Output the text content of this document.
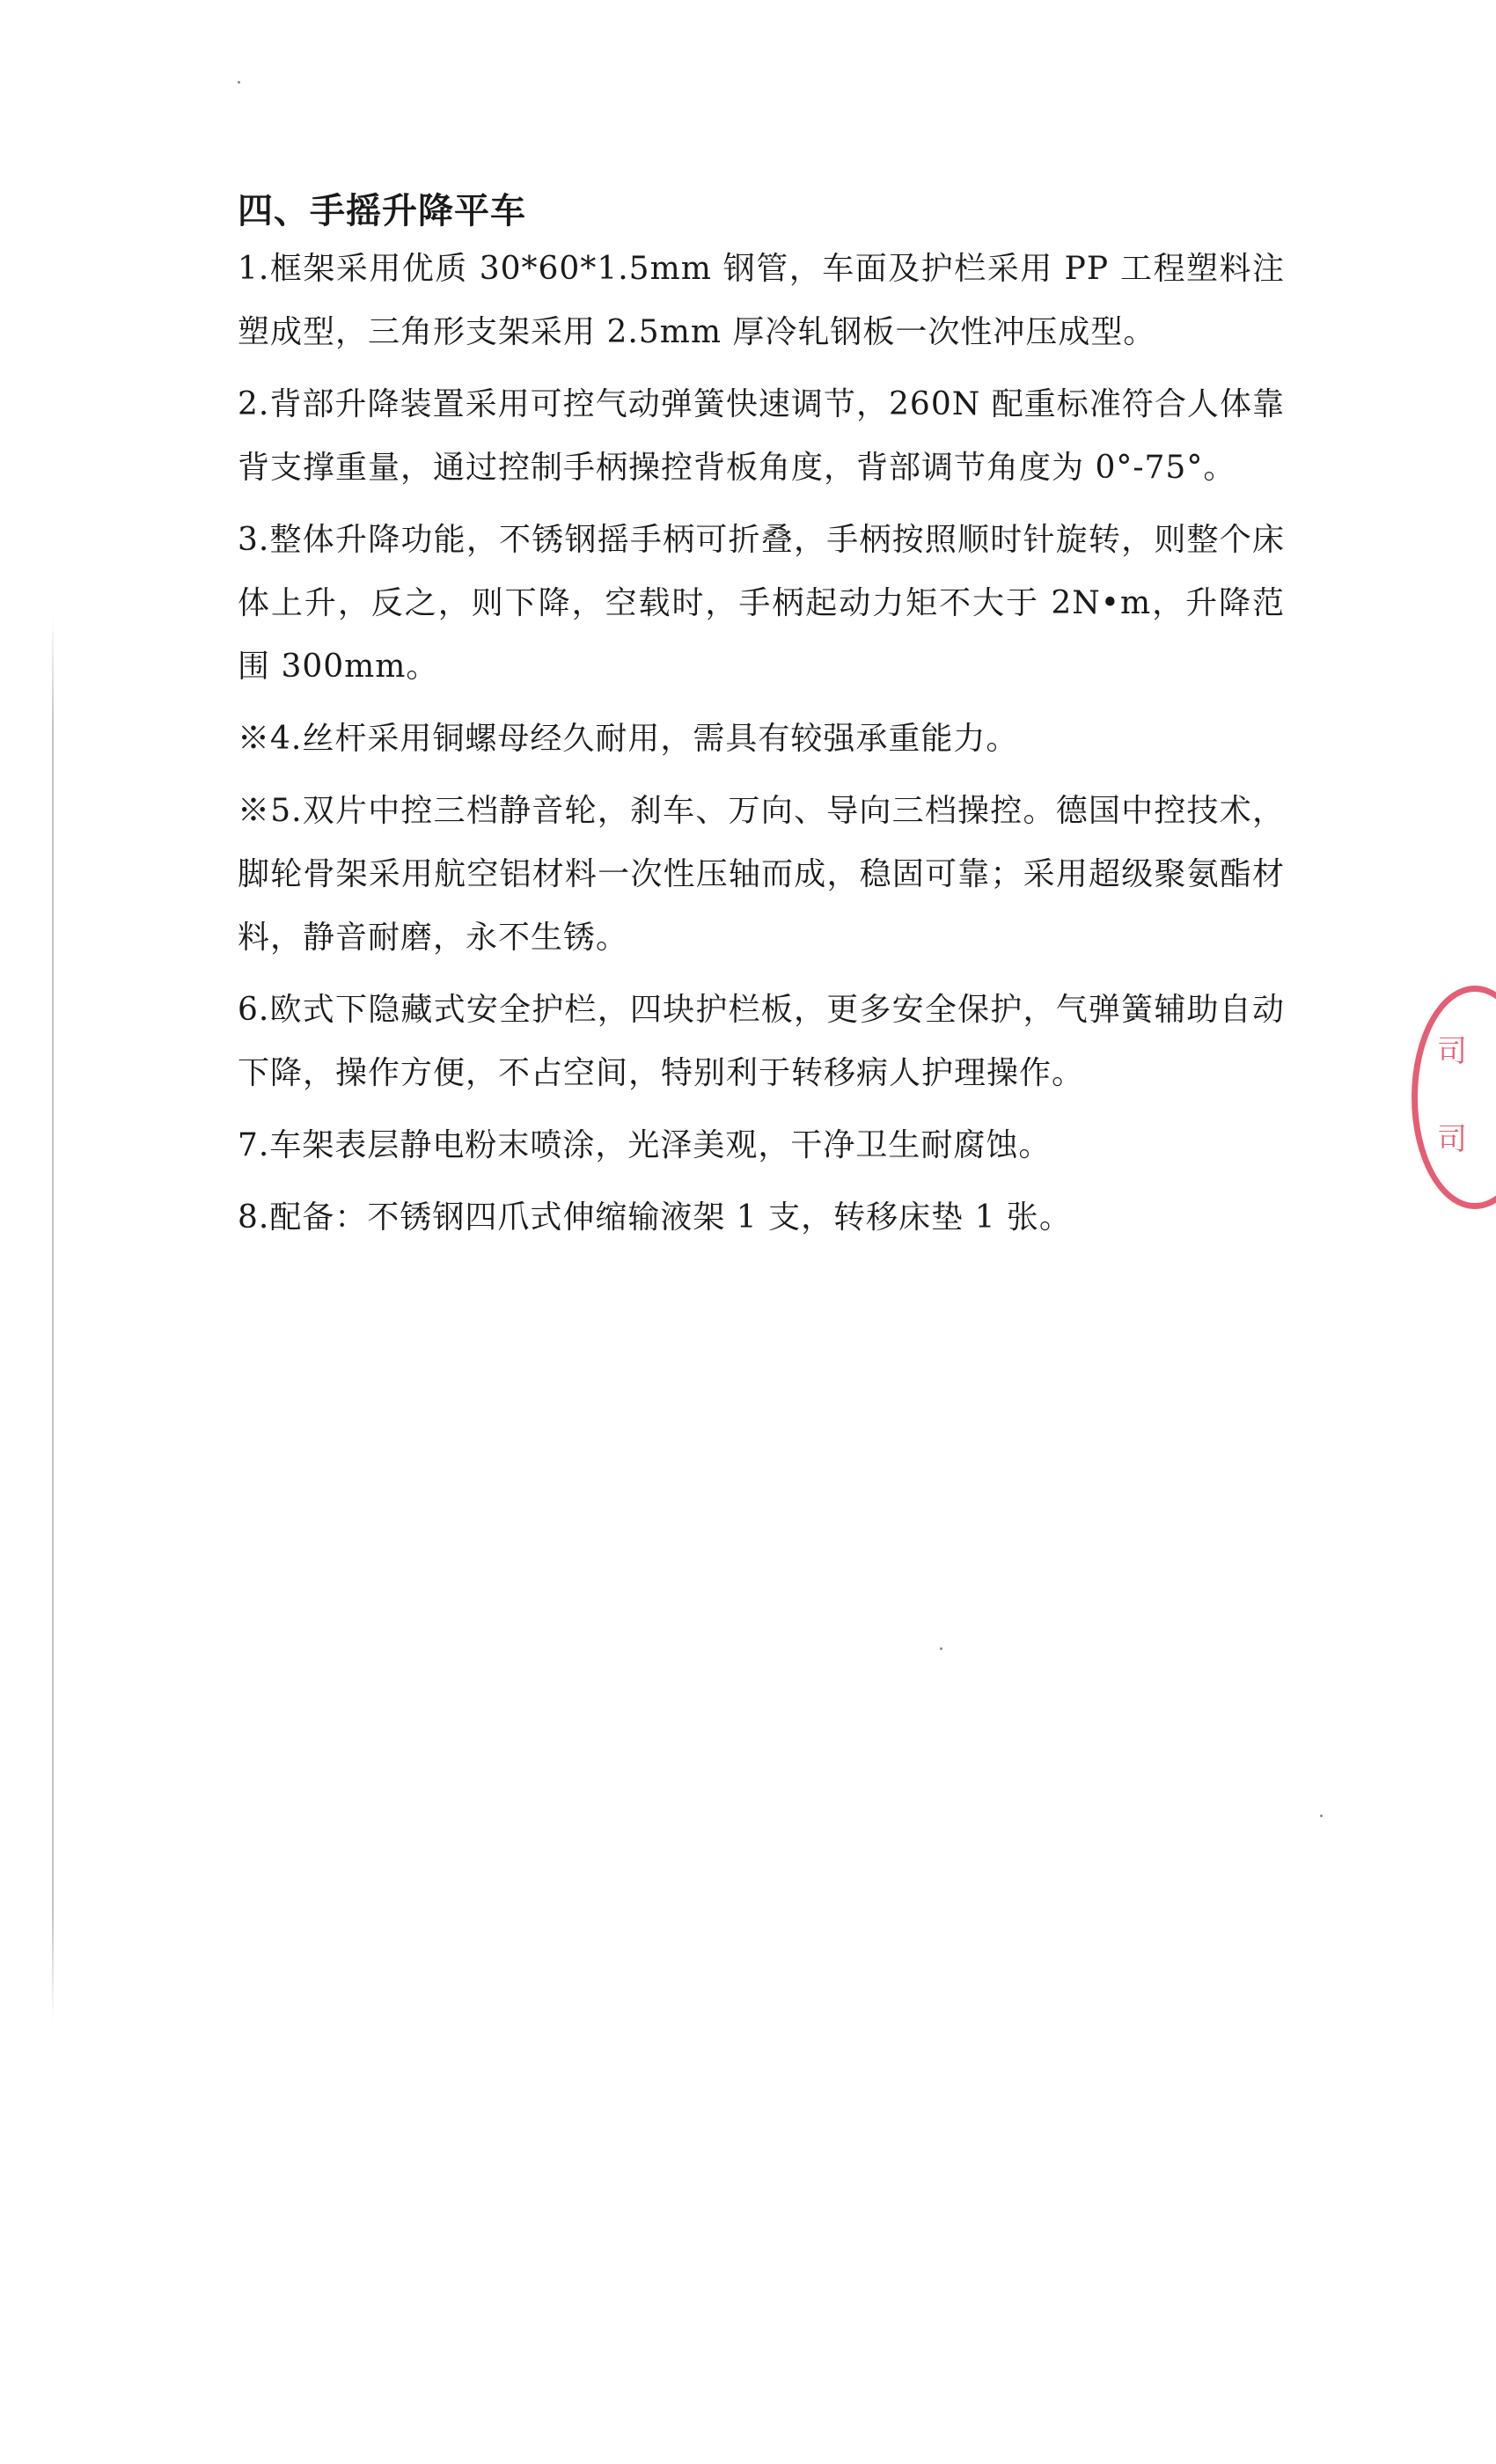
四、手摇升降平车

1.框架采用优质 30*60*1.5mm 钢管，车面及护栏采用 PP 工程塑料注塑成型，三角形支架采用 2.5mm 厚冷轧钢板一次性冲压成型。

2.背部升降装置采用可控气动弹簧快速调节，260N 配重标准符合人体靠背支撑重量，通过控制手柄操控背板角度，背部调节角度为 0°-75°。

3.整体升降功能，不锈钢摇手柄可折叠，手柄按照顺时针旋转，则整个床体上升，反之，则下降，空载时，手柄起动力矩不大于 2N•m，升降范围 300mm。

※4.丝杆采用铜螺母经久耐用，需具有较强承重能力。

※5.双片中控三档静音轮，刹车、万向、导向三档操控。德国中控技术，脚轮骨架采用航空铝材料一次性压轴而成，稳固可靠；采用超级聚氨酯材料，静音耐磨，永不生锈。

6.欧式下隐藏式安全护栏，四块护栏板，更多安全保护，气弹簧辅助自动下降，操作方便，不占空间，特别利于转移病人护理操作。

7.车架表层静电粉末喷涂，光泽美观，干净卫生耐腐蚀。

8.配备：不锈钢四爪式伸缩输液架 1 支，转移床垫 1 张。

司
司
